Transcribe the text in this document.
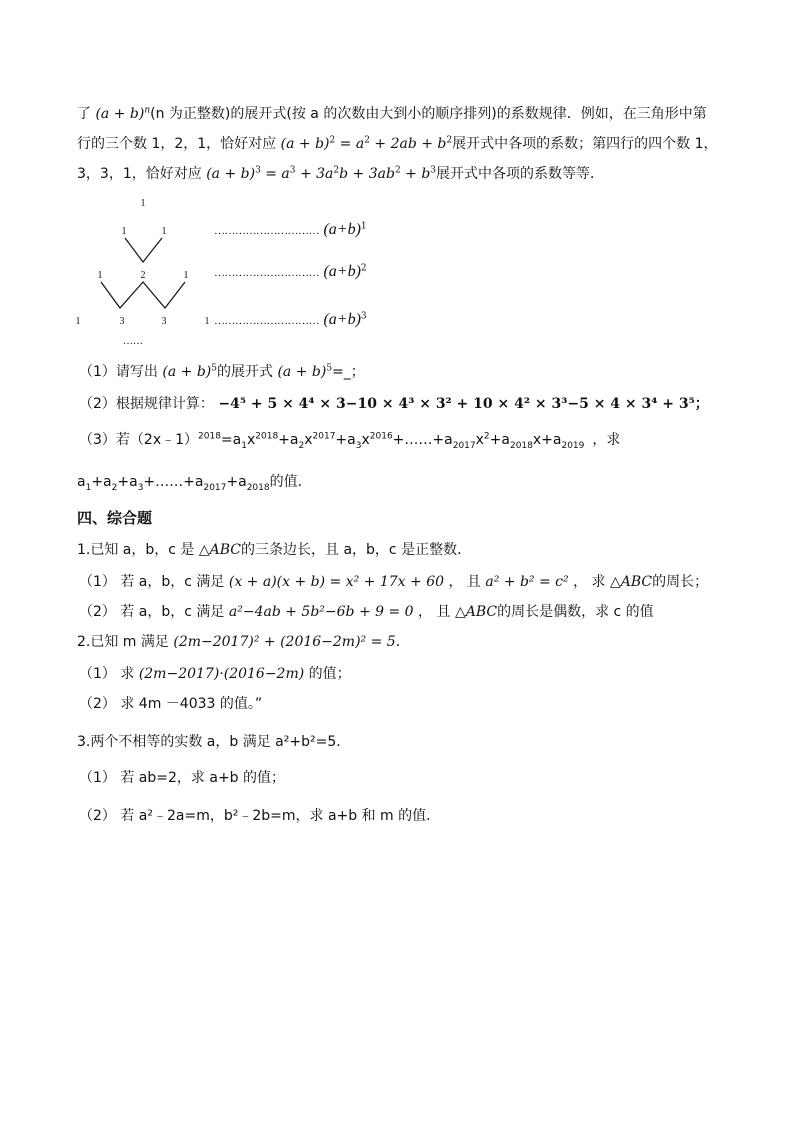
了 $(a + b)^n(n$ 为正整数)的展开式(按 a 的次数由大到小的顺序排列)的系数规律．例如，在三角形中第
行的三个数 1，2，1，恰好对应 $(a + b)^2 = a^2 + 2ab + b^2$展开式中各项的系数；第四行的四个数 1，
3，3，1，恰好对应 $(a + b)^3 = a^3 + 3a^2b + 3ab^2 + b^3$展开式中各项的系数等等．
1
1	1
1	2	1
1	3	3	1
……
………………………… $(a+b)^1$
………………………… $(a+b)^2$
………………………… $(a+b)^3$
（1）请写出 $(a + b)^5$的展开式 $(a + b)^5=\_$；
（2）根据规律计算： −4⁵ + 5 × 4⁴ × 3−10 × 4³ × 3² + 10 × 4² × 3³−5 × 4 × 3⁴ + 3⁵；
（3）若$(2x﹣1)^{2018}=a_1x^{2018}+a_2x^{2017}+a_3x^{2016}+\dots\dots+a_{2017}x^2+a_{2018}x+a_{2019}$ ，求
$a_1+a_2+a_3+\dots\dots+a_{2017}+a_{2018}$的值．
四、综合题
1.已知 a，b，c 是 △ABC的三条边长，且 a，b，c 是正整数．
（1） 若 a，b，c 满足 (x + a)(x + b) = x² + 17x + 60 ， 且 a² + b² = c² ， 求 △ABC的周长；
（2） 若 a，b，c 满足 a²−4ab + 5b²−6b + 9 = 0 ， 且 △ABC的周长是偶数，求 c 的值
2.已知 m 满足 (2m−2017)² + (2016−2m)² = 5．
（1） 求 (2m−2017)·(2016−2m) 的值；
（2） 求 4m －4033 的值。”
3.两个不相等的实数 a，b 满足 a²+b²=5．
（1） 若 ab=2，求 a+b 的值；
（2） 若 a²﹣2a=m，b²﹣2b=m，求 a+b 和 m 的值．
